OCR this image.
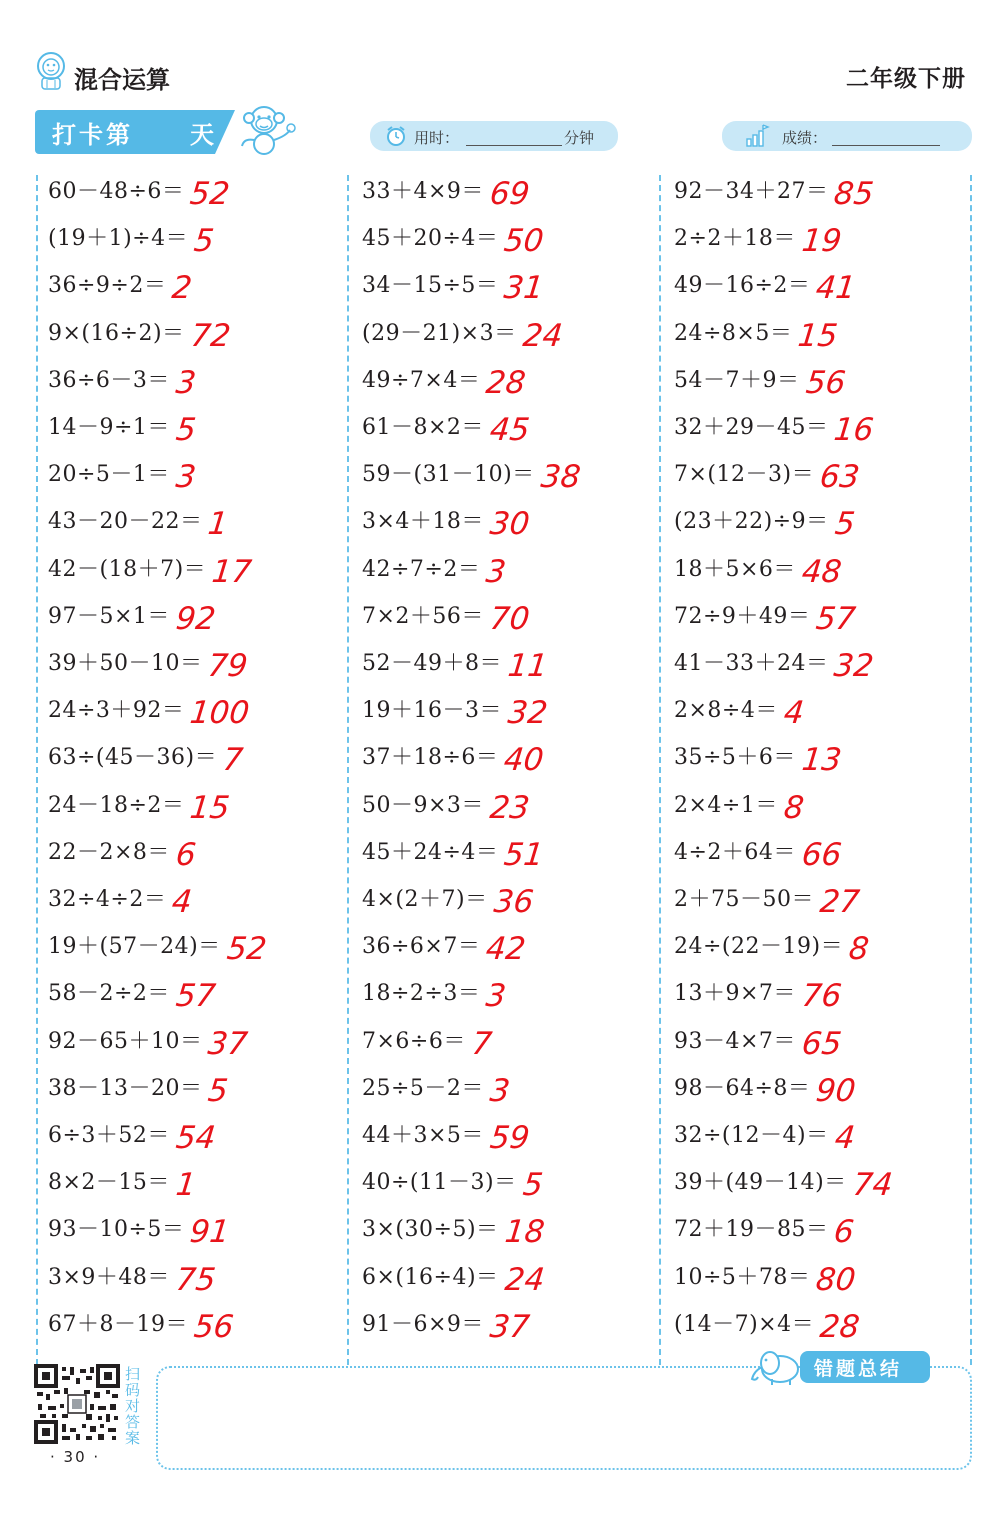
混合运算	二年级下册
打卡第 天	用时：	分钟	成绩：
60－48÷6＝ 52
(19＋1)÷4＝ 5
36÷9÷2＝ 2
9×(16÷2)＝ 72
36÷6－3＝ 3
14－9÷1＝ 5
20÷5－1＝ 3
43－20－22＝ 1
42－(18＋7)＝ 17
97－5×1＝ 92
39＋50－10＝ 79
24÷3＋92＝ 100
63÷(45－36)＝ 7
24－18÷2＝ 15
22－2×8＝ 6
32÷4÷2＝ 4
19＋(57－24)＝ 52
58－2÷2＝ 57
92－65＋10＝ 37
38－13－20＝ 5
6÷3＋52＝ 54
8×2－15＝ 1
93－10÷5＝ 91
3×9＋48＝ 75
67＋8－19＝ 56
33＋4×9＝ 69
45＋20÷4＝ 50
34－15÷5＝ 31
(29－21)×3＝ 24
49÷7×4＝ 28
61－8×2＝ 45
59－(31－10)＝ 38
3×4＋18＝ 30
42÷7÷2＝ 3
7×2＋56＝ 70
52－49＋8＝ 11
19＋16－3＝ 32
37＋18÷6＝ 40
50－9×3＝ 23
45＋24÷4＝ 51
4×(2＋7)＝ 36
36÷6×7＝ 42
18÷2÷3＝ 3
7×6÷6＝ 7
25÷5－2＝ 3
44＋3×5＝ 59
40÷(11－3)＝ 5
3×(30÷5)＝ 18
6×(16÷4)＝ 24
91－6×9＝ 37
92－34＋27＝ 85
2÷2＋18＝ 19
49－16÷2＝ 41
24÷8×5＝ 15
54－7＋9＝ 56
32＋29－45＝ 16
7×(12－3)＝ 63
(23＋22)÷9＝ 5
18＋5×6＝ 48
72÷9＋49＝ 57
41－33＋24＝ 32
2×8÷4＝ 4
35÷5＋6＝ 13
2×4÷1＝ 8
4÷2＋64＝ 66
2＋75－50＝ 27
24÷(22－19)＝ 8
13＋9×7＝ 76
93－4×7＝ 65
98－64÷8＝ 90
32÷(12－4)＝ 4
39＋(49－14)＝ 74
72＋19－85＝ 6
10÷5＋78＝ 80
(14－7)×4＝ 28
扫码对答案
· 30 ·
错题总结
